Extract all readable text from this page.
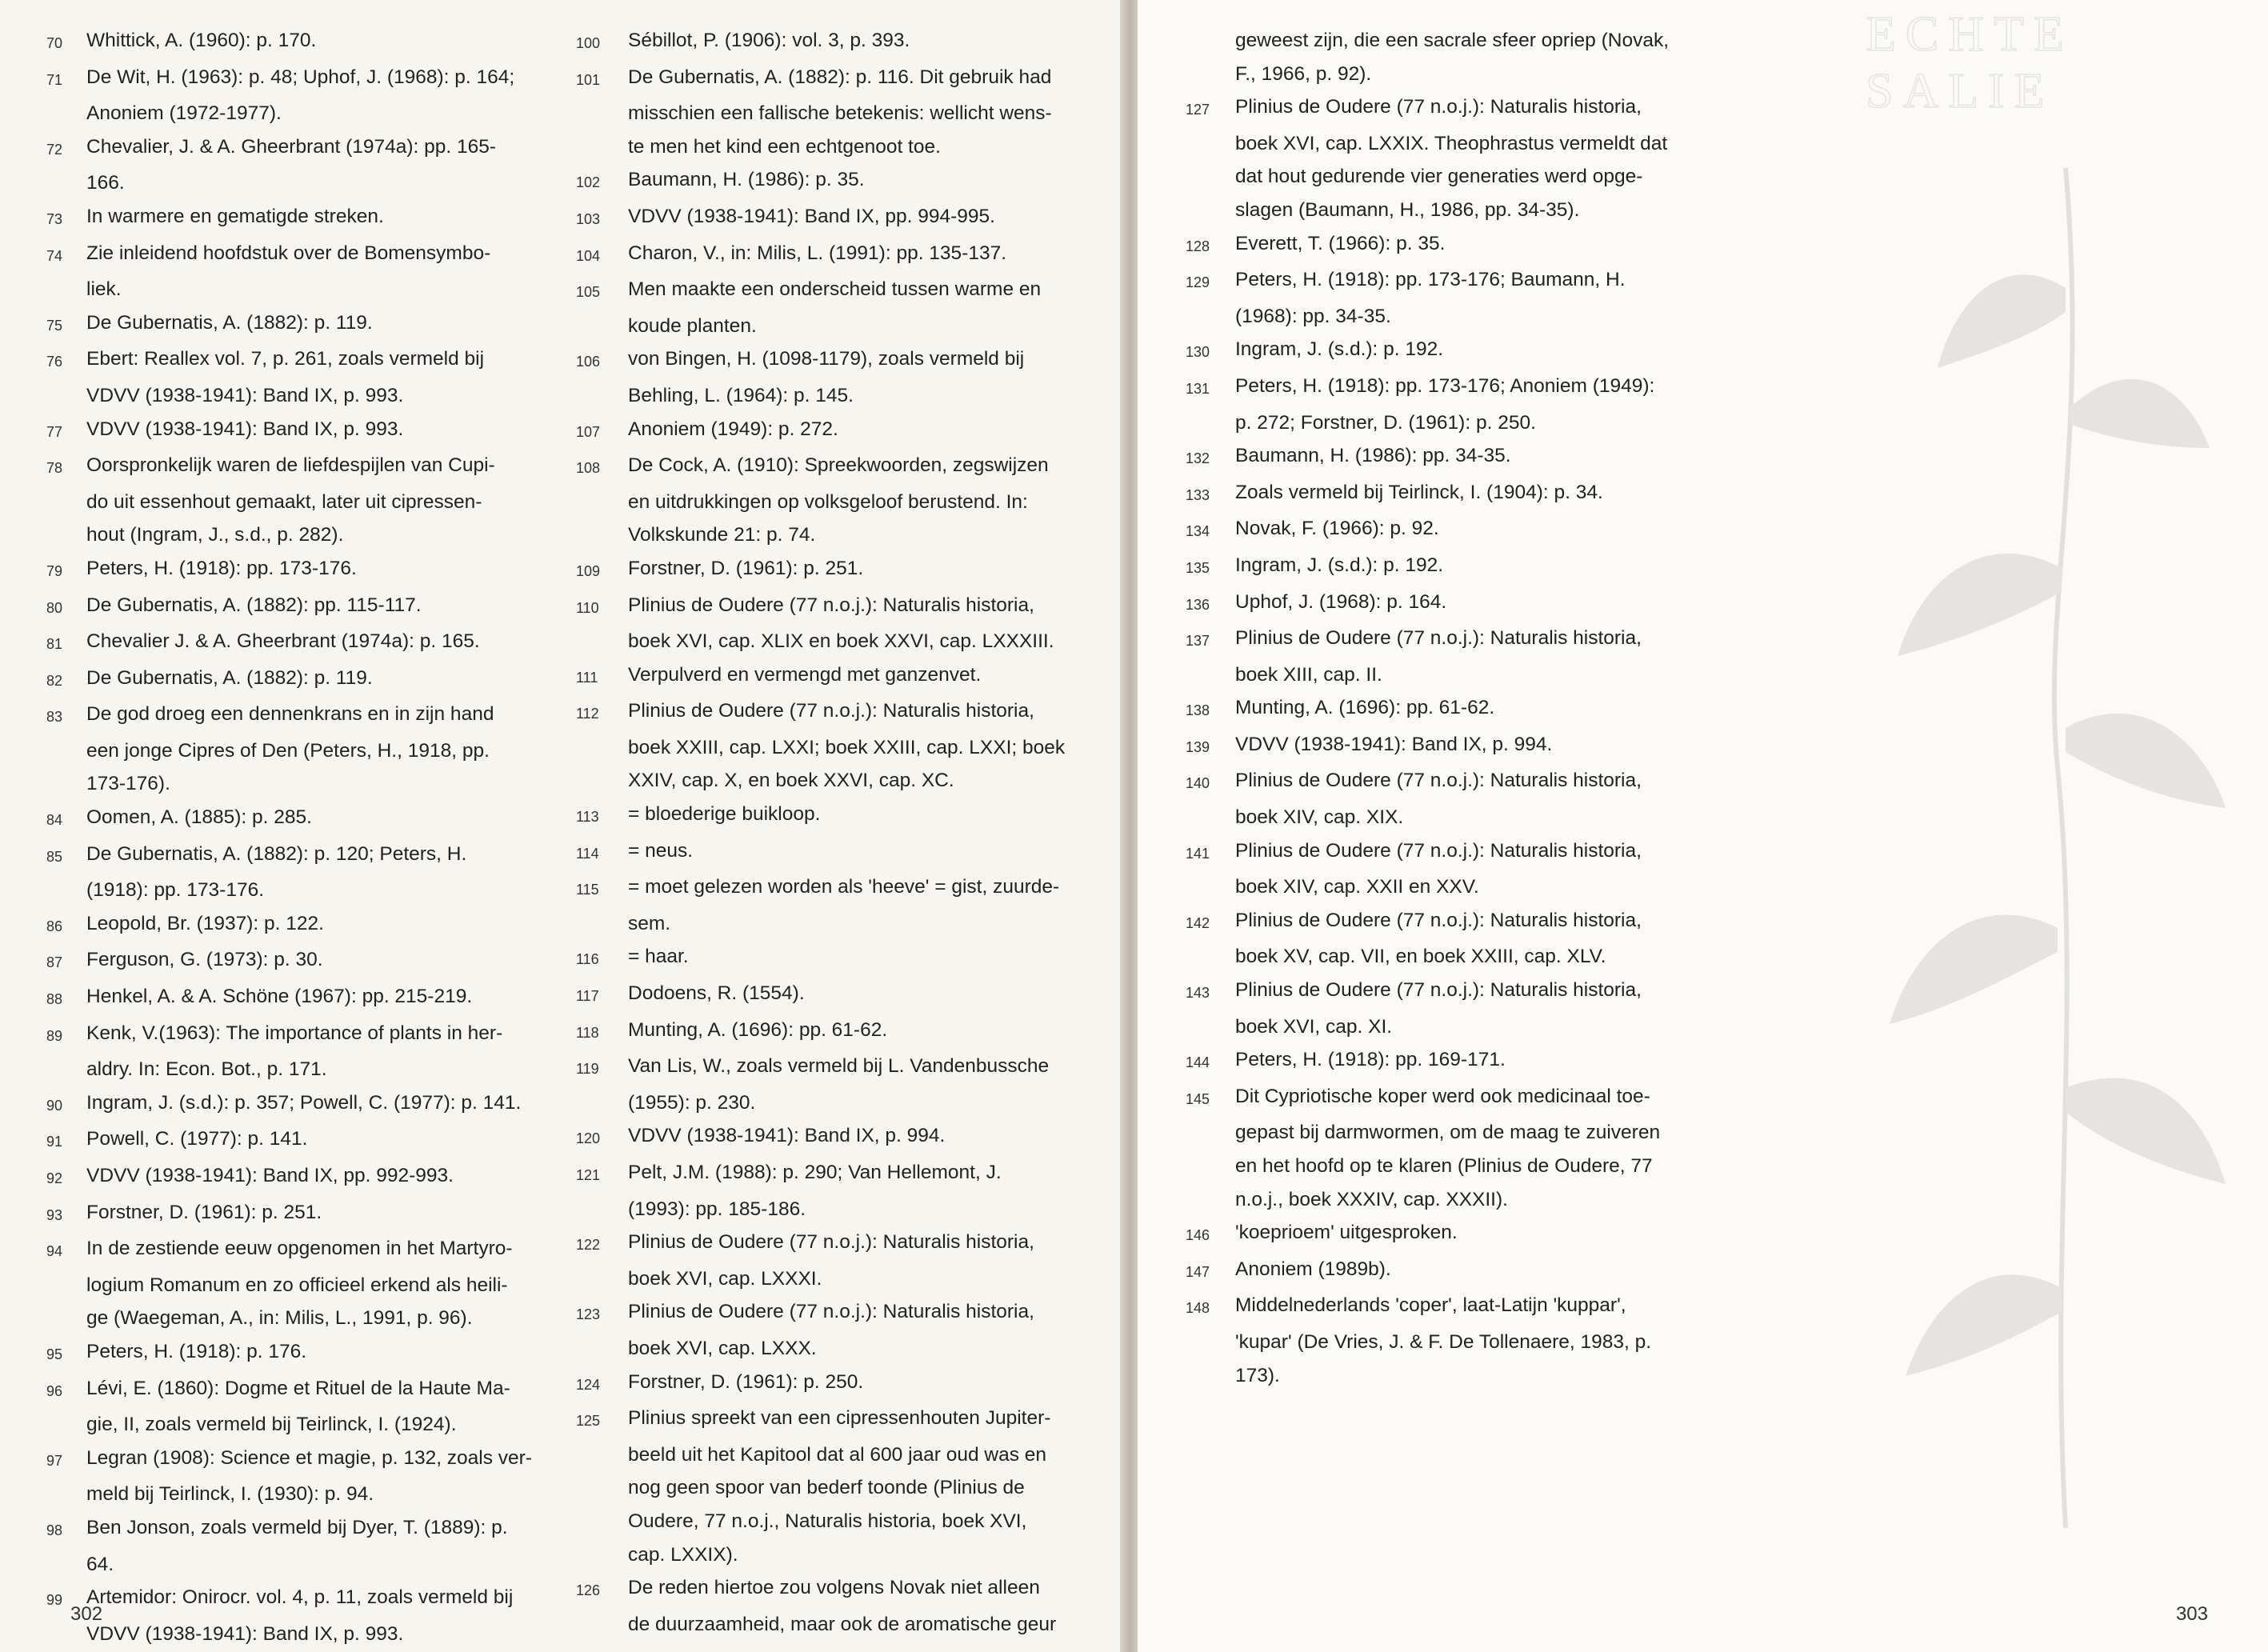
70	Whittick, A. (1960): p. 170.
71	De Wit, H. (1963): p. 48; Uphof, J. (1968): p. 164;
Anoniem (1972-1977).
72	Chevalier, J. & A. Gheerbrant (1974a): pp. 165-
166.
73	In warmere en gematigde streken.
74	Zie inleidend hoofdstuk over de Bomensymbo-
liek.
75	De Gubernatis, A. (1882): p. 119.
76	Ebert: Reallex vol. 7, p. 261, zoals vermeld bij
VDVV (1938-1941): Band IX, p. 993.
77	VDVV (1938-1941): Band IX, p. 993.
78	Oorspronkelijk waren de liefdespijlen van Cupi-
do uit essenhout gemaakt, later uit cipressen-
hout (Ingram, J., s.d., p. 282).
79	Peters, H. (1918): pp. 173-176.
80	De Gubernatis, A. (1882): pp. 115-117.
81	Chevalier J. & A. Gheerbrant (1974a): p. 165.
82	De Gubernatis, A. (1882): p. 119.
83	De god droeg een dennenkrans en in zijn hand
een jonge Cipres of Den (Peters, H., 1918, pp.
173-176).
84	Oomen, A. (1885): p. 285.
85	De Gubernatis, A. (1882): p. 120; Peters, H.
(1918): pp. 173-176.
86	Leopold, Br. (1937): p. 122.
87	Ferguson, G. (1973): p. 30.
88	Henkel, A. & A. Schöne (1967): pp. 215-219.
89	Kenk, V.(1963): The importance of plants in her-
aldry. In: Econ. Bot., p. 171.
90	Ingram, J. (s.d.): p. 357; Powell, C. (1977): p. 141.
91	Powell, C. (1977): p. 141.
92	VDVV (1938-1941): Band IX, pp. 992-993.
93	Forstner, D. (1961): p. 251.
94	In de zestiende eeuw opgenomen in het Martyro-
logium Romanum en zo officieel erkend als heili-
ge (Waegeman, A., in: Milis, L., 1991, p. 96).
95	Peters, H. (1918): p. 176.
96	Lévi, E. (1860): Dogme et Rituel de la Haute Ma-
gie, II, zoals vermeld bij Teirlinck, I. (1924).
97	Legran (1908): Science et magie, p. 132, zoals ver-
meld bij Teirlinck, I. (1930): p. 94.
98	Ben Jonson, zoals vermeld bij Dyer, T. (1889): p.
64.
99	Artemidor: Onirocr. vol. 4, p. 11, zoals vermeld bij
VDVV (1938-1941): Band IX, p. 993.
100	Sébillot, P. (1906): vol. 3, p. 393.
101	De Gubernatis, A. (1882): p. 116. Dit gebruik had
misschien een fallische betekenis: wellicht wens-
te men het kind een echtgenoot toe.
102	Baumann, H. (1986): p. 35.
103	VDVV (1938-1941): Band IX, pp. 994-995.
104	Charon, V., in: Milis, L. (1991): pp. 135-137.
105	Men maakte een onderscheid tussen warme en
koude planten.
106	von Bingen, H. (1098-1179), zoals vermeld bij
Behling, L. (1964): p. 145.
107	Anoniem (1949): p. 272.
108	De Cock, A. (1910): Spreekwoorden, zegswijzen
en uitdrukkingen op volksgeloof berustend. In:
Volkskunde 21: p. 74.
109	Forstner, D. (1961): p. 251.
110	Plinius de Oudere (77 n.o.j.): Naturalis historia,
boek XVI, cap. XLIX en boek XXVI, cap. LXXXIII.
111	Verpulverd en vermengd met ganzenvet.
112	Plinius de Oudere (77 n.o.j.): Naturalis historia,
boek XXIII, cap. LXXI; boek XXIII, cap. LXXI; boek
XXIV, cap. X, en boek XXVI, cap. XC.
113	= bloederige buikloop.
114	= neus.
115	= moet gelezen worden als 'heeve' = gist, zuurde-
sem.
116	= haar.
117	Dodoens, R. (1554).
118	Munting, A. (1696): pp. 61-62.
119	Van Lis, W., zoals vermeld bij L. Vandenbussche
(1955): p. 230.
120	VDVV (1938-1941): Band IX, p. 994.
121	Pelt, J.M. (1988): p. 290; Van Hellemont, J.
(1993): pp. 185-186.
122	Plinius de Oudere (77 n.o.j.): Naturalis historia,
boek XVI, cap. LXXXI.
123	Plinius de Oudere (77 n.o.j.): Naturalis historia,
boek XVI, cap. LXXX.
124	Forstner, D. (1961): p. 250.
125	Plinius spreekt van een cipressenhouten Jupiter-
beeld uit het Kapitool dat al 600 jaar oud was en
nog geen spoor van bederf toonde (Plinius de
Oudere, 77 n.o.j., Naturalis historia, boek XVI,
cap. LXXIX).
126	De reden hiertoe zou volgens Novak niet alleen
de duurzaamheid, maar ook de aromatische geur
302
ECHTE SALIE
geweest zijn, die een sacrale sfeer opriep (Novak,
F., 1966, p. 92).
127	Plinius de Oudere (77 n.o.j.): Naturalis historia,
boek XVI, cap. LXXIX. Theophrastus vermeldt dat
dat hout gedurende vier generaties werd opge-
slagen (Baumann, H., 1986, pp. 34-35).
128	Everett, T. (1966): p. 35.
129	Peters, H. (1918): pp. 173-176; Baumann, H.
(1968): pp. 34-35.
130	Ingram, J. (s.d.): p. 192.
131	Peters, H. (1918): pp. 173-176; Anoniem (1949):
p. 272; Forstner, D. (1961): p. 250.
132	Baumann, H. (1986): pp. 34-35.
133	Zoals vermeld bij Teirlinck, I. (1904): p. 34.
134	Novak, F. (1966): p. 92.
135	Ingram, J. (s.d.): p. 192.
136	Uphof, J. (1968): p. 164.
137	Plinius de Oudere (77 n.o.j.): Naturalis historia,
boek XIII, cap. II.
138	Munting, A. (1696): pp. 61-62.
139	VDVV (1938-1941): Band IX, p. 994.
140	Plinius de Oudere (77 n.o.j.): Naturalis historia,
boek XIV, cap. XIX.
141	Plinius de Oudere (77 n.o.j.): Naturalis historia,
boek XIV, cap. XXII en XXV.
142	Plinius de Oudere (77 n.o.j.): Naturalis historia,
boek XV, cap. VII, en boek XXIII, cap. XLV.
143	Plinius de Oudere (77 n.o.j.): Naturalis historia,
boek XVI, cap. XI.
144	Peters, H. (1918): pp. 169-171.
145	Dit Cypriotische koper werd ook medicinaal toe-
gepast bij darmwormen, om de maag te zuiveren
en het hoofd op te klaren (Plinius de Oudere, 77
n.o.j., boek XXXIV, cap. XXXII).
146	'koeprioem' uitgesproken.
147	Anoniem (1989b).
148	Middelnederlands 'coper', laat-Latijn 'kuppar',
'kupar' (De Vries, J. & F. De Tollenaere, 1983, p.
173).
303
